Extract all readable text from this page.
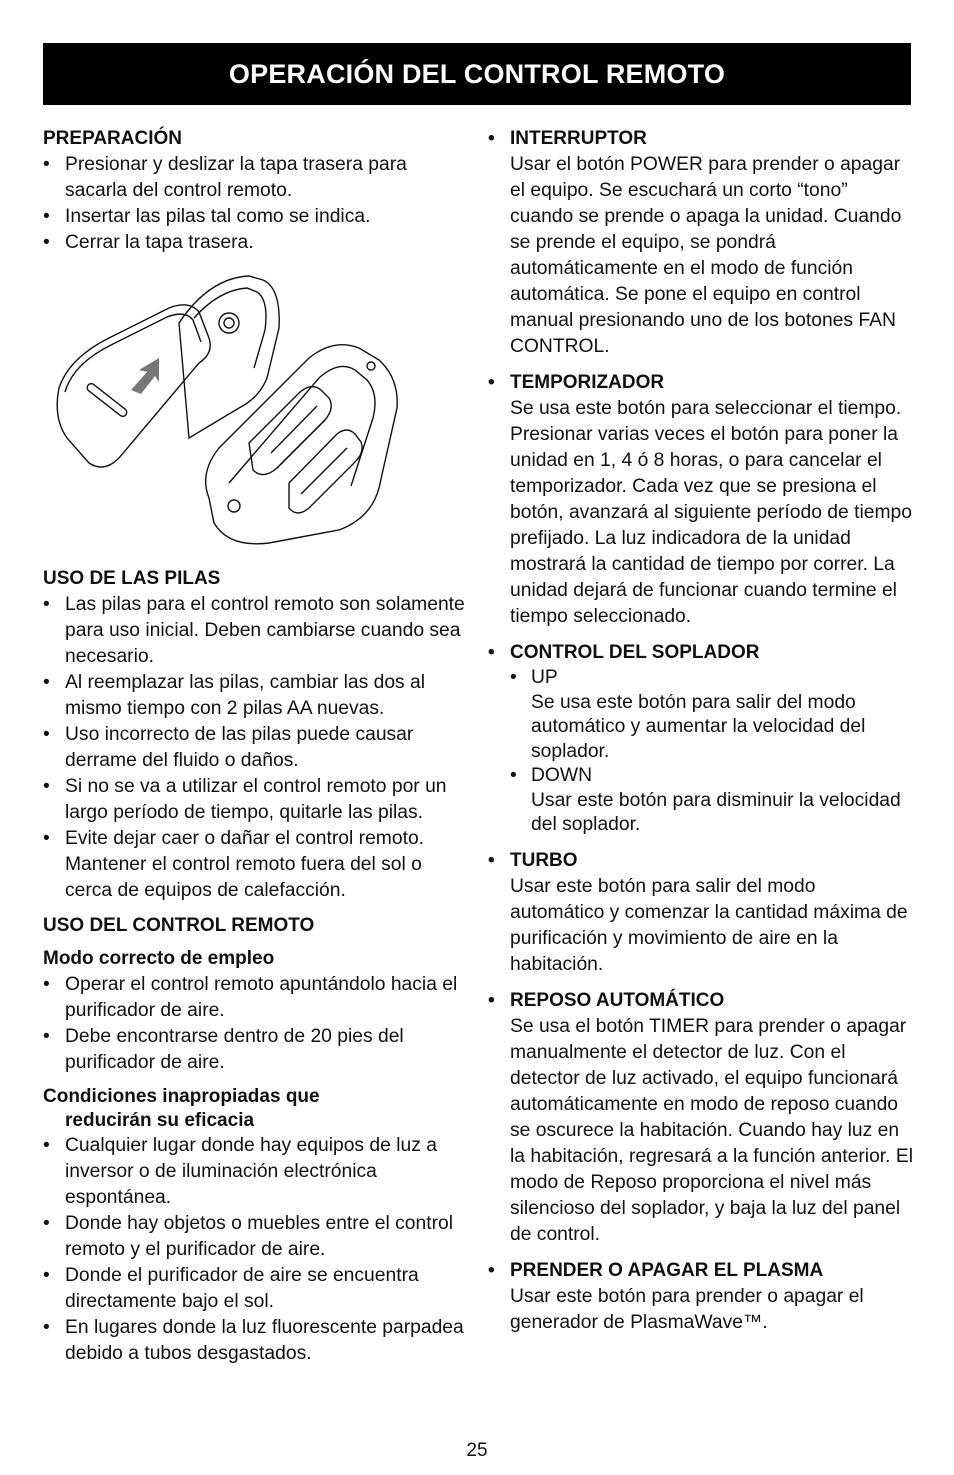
OPERACIÓN DEL CONTROL REMOTO

PREPARACIÓN

• Presionar y deslizar la tapa trasera para sacarla del control remoto.
• Insertar las pilas tal como se indica.
• Cerrar la tapa trasera.

USO DE LAS PILAS

• Las pilas para el control remoto son solamente para uso inicial. Deben cambiarse cuando sea necesario.
• Al reemplazar las pilas, cambiar las dos al mismo tiempo con 2 pilas AA nuevas.
• Uso incorrecto de las pilas puede causar derrame del fluido o daños.
• Si no se va a utilizar el control remoto por un largo período de tiempo, quitarle las pilas.
• Evite dejar caer o dañar el control remoto. Mantener el control remoto fuera del sol o cerca de equipos de calefacción.

USO DEL CONTROL REMOTO

Modo correcto de empleo

• Operar el control remoto apuntándolo hacia el purificador de aire.
• Debe encontrarse dentro de 20 pies del purificador de aire.

Condiciones inapropiadas que
reducirán su eficacia

• Cualquier lugar donde hay equipos de luz a inversor o de iluminación electrónica espontánea.
• Donde hay objetos o muebles entre el control remoto y el purificador de aire.
• Donde el purificador de aire se encuentra directamente bajo el sol.
• En lugares donde la luz fluorescente parpadea debido a tubos desgastados.
• INTERRUPTOR

Usar el botón POWER para prender o apagar el equipo. Se escuchará un corto “tono” cuando se prende o apaga la unidad. Cuando se prende el equipo, se pondrá automáticamente en el modo de función automática. Se pone el equipo en control manual presionando uno de los botones FAN CONTROL.

• TEMPORIZADOR

Se usa este botón para seleccionar el tiempo. Presionar varias veces el botón para poner la unidad en 1, 4 ó 8 horas, o para cancelar el temporizador. Cada vez que se presiona el botón, avanzará al siguiente período de tiempo prefijado. La luz indicadora de la unidad mostrará la cantidad de tiempo por correr. La unidad dejará de funcionar cuando termine el tiempo seleccionado.

• CONTROL DEL SOPLADOR

• UP
Se usa este botón para salir del modo automático y aumentar la velocidad del soplador.
• DOWN
Usar este botón para disminuir la velocidad del soplador.
• TURBO

Usar este botón para salir del modo automático y comenzar la cantidad máxima de purificación y movimiento de aire en la habitación.

• REPOSO AUTOMÁTICO

Se usa el botón TIMER para prender o apagar manualmente el detector de luz. Con el detector de luz activado, el equipo funcionará automáticamente en modo de reposo cuando se oscurece la habitación. Cuando hay luz en la habitación, regresará a la función anterior. El modo de Reposo proporciona el nivel más silencioso del soplador, y baja la luz del panel de control.

• PRENDER O APAGAR EL PLASMA

Usar este botón para prender o apagar el generador de PlasmaWave™.

25
